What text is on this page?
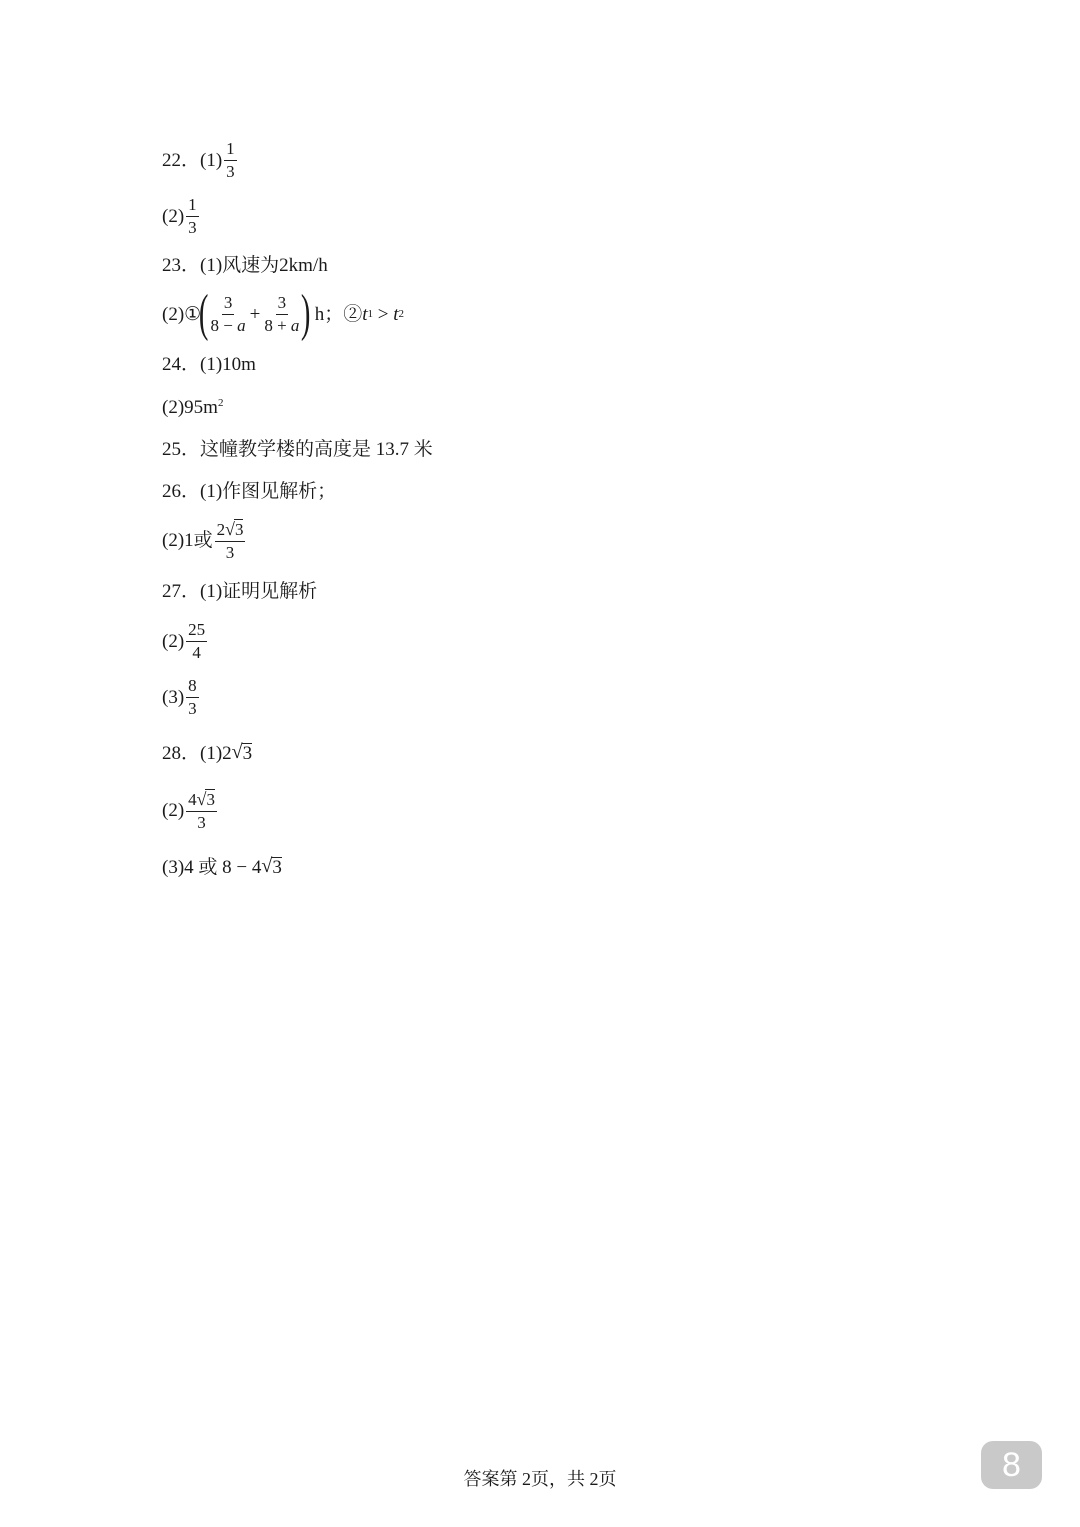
22．$(1) \frac{1}{3}$
$(2) \frac{1}{3}$
23．(1)风速为2km/h
(2)①
( $\frac{3}{8 - a} + \frac{3}{8 + a}$ ) h；② t 1 > t 2
24．(1)10m
$(2)95m^2$
25．这幢教学楼的高度是 13.7 米
26．(1)作图见解析；
(2)1或 $\frac{2 √ 3}{3}$
27．(1)证明见解析
$(2) \frac{25}{4}$
$(3) \frac{8}{3}$
28．(1) 2 √ 3
$(2) \frac{4 √ 3}{3}$
(3)4 或 8 − 4 √ 3
答案第 2页，共 2页	8
